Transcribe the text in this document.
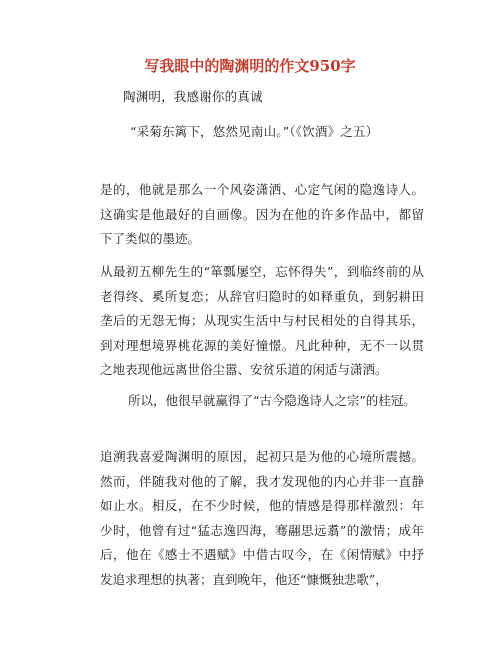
写我眼中的陶渊明的作文950字
陶渊明，我感谢你的真诚
“采菊东篱下，悠然见南山。”（《饮酒》之五）
是的，他就是那么一个风姿潇洒、心定气闲的隐逸诗人。这确实是他最好的自画像。因为在他的许多作品中，都留下了类似的墨迹。
从最初五柳先生的“箪瓢屡空，忘怀得失”，到临终前的从老得终、奚所复恋；从辞官归隐时的如释重负，到躬耕田垄后的无怨无悔；从现实生活中与村民相处的自得其乐，到对理想境界桃花源的美好憧憬。凡此种种，无不一以贯之地表现他远离世俗尘嚣、安贫乐道的闲适与潇洒。
所以，他很早就赢得了“古今隐逸诗人之宗”的桂冠。
追溯我喜爱陶渊明的原因，起初只是为他的心境所震撼。然而，伴随我对他的了解，我才发现他的内心并非一直静如止水。相反，在不少时候，他的情感是得那样激烈：年少时，他曾有过“猛志逸四海，骞翮思远翥”的激情；成年后，他在《感士不遇赋》中借古叹今，在《闲情赋》中抒发追求理想的执著；直到晚年，他还“慷慨独悲歌”，
